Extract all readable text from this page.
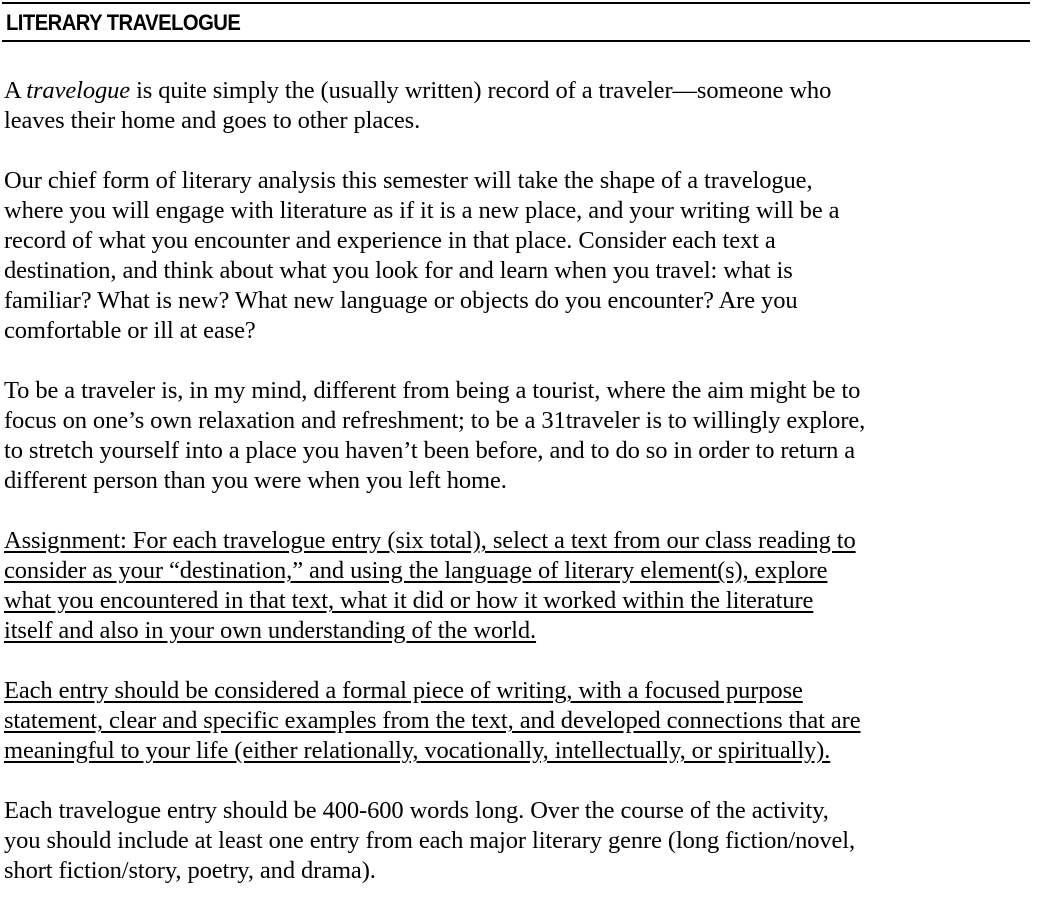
LITERARY TRAVELOGUE

A travelogue is quite simply the (usually written) record of a traveler—someone who
leaves their home and goes to other places.

Our chief form of literary analysis this semester will take the shape of a travelogue,
where you will engage with literature as if it is a new place, and your writing will be a
record of what you encounter and experience in that place. Consider each text a
destination, and think about what you look for and learn when you travel: what is
familiar? What is new? What new language or objects do you encounter? Are you
comfortable or ill at ease?

To be a traveler is, in my mind, different from being a tourist, where the aim might be to
focus on one’s own relaxation and refreshment; to be a 31traveler is to willingly explore,
to stretch yourself into a place you haven’t been before, and to do so in order to return a
different person than you were when you left home.

Assignment: For each travelogue entry (six total), select a text from our class reading to
consider as your “destination,” and using the language of literary element(s), explore
what you encountered in that text, what it did or how it worked within the literature
itself and also in your own understanding of the world.

Each entry should be considered a formal piece of writing, with a focused purpose
statement, clear and specific examples from the text, and developed connections that are
meaningful to your life (either relationally, vocationally, intellectually, or spiritually).

Each travelogue entry should be 400-600 words long. Over the course of the activity,
you should include at least one entry from each major literary genre (long fiction/novel,
short fiction/story, poetry, and drama).
